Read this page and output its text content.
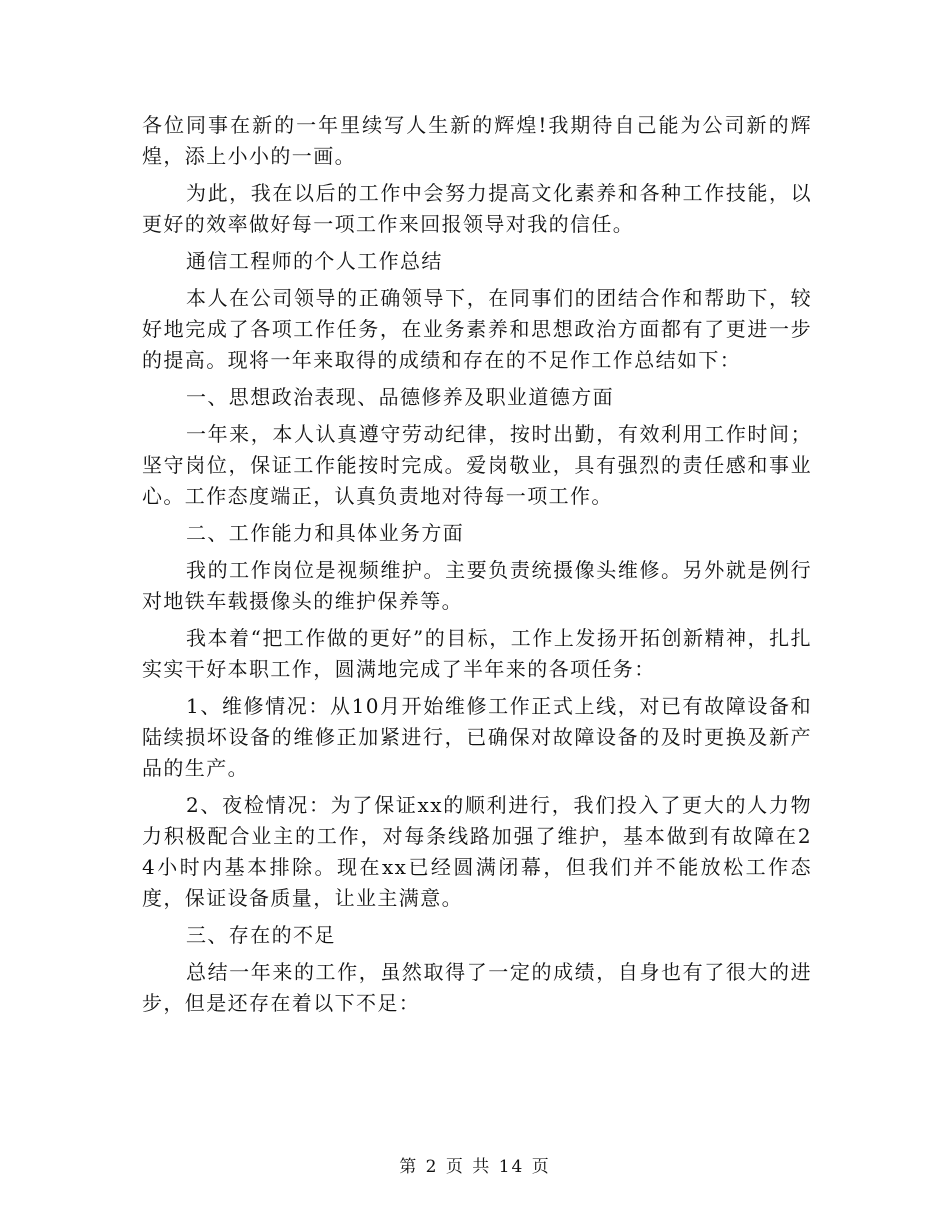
各位同事在新的一年里续写人生新的辉煌!我期待自己能为公司新的辉煌，添上小小的一画。

为此，我在以后的工作中会努力提高文化素养和各种工作技能，以更好的效率做好每一项工作来回报领导对我的信任。

通信工程师的个人工作总结

本人在公司领导的正确领导下，在同事们的团结合作和帮助下，较好地完成了各项工作任务，在业务素养和思想政治方面都有了更进一步的提高。现将一年来取得的成绩和存在的不足作工作总结如下：

一、思想政治表现、品德修养及职业道德方面

一年来，本人认真遵守劳动纪律，按时出勤，有效利用工作时间；坚守岗位，保证工作能按时完成。爱岗敬业，具有强烈的责任感和事业心。工作态度端正，认真负责地对待每一项工作。

二、工作能力和具体业务方面

我的工作岗位是视频维护。主要负责统摄像头维修。另外就是例行对地铁车载摄像头的维护保养等。

我本着“把工作做的更好”的目标，工作上发扬开拓创新精神，扎扎实实干好本职工作，圆满地完成了半年来的各项任务：

1、维修情况：从10月开始维修工作正式上线，对已有故障设备和陆续损坏设备的维修正加紧进行，已确保对故障设备的及时更换及新产品的生产。

2、夜检情况：为了保证xx的顺利进行，我们投入了更大的人力物力积极配合业主的工作，对每条线路加强了维护，基本做到有故障在24小时内基本排除。现在xx已经圆满闭幕，但我们并不能放松工作态度，保证设备质量，让业主满意。

三、存在的不足

总结一年来的工作，虽然取得了一定的成绩，自身也有了很大的进步，但是还存在着以下不足：

第 2 页 共 14 页
